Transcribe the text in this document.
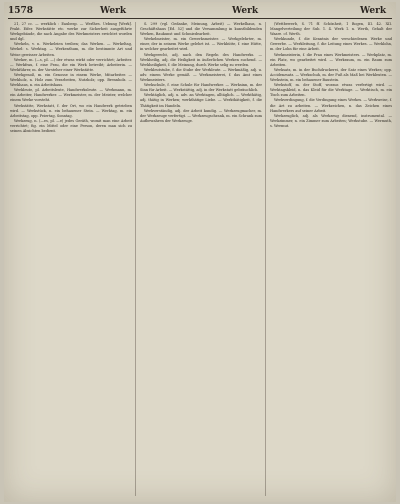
1578	Werk	Werk	Werk

21, 27 cc. — werklich : Eaubesp. — Werlhes. Uebung [Werk]. Prakt. Eifer. Werkstätte etc. werke zur Sicherheit ausgeführte Werkgebäude, die nach Angabe des Werkmeisters errichtet worden und dgl.

Werkeln, v. n. Werkeleien treiben; das Werken. — Werkeltag, Werkel: s. Werktag. — Werkenthum, m. die bestimmte Art und Weise gewisser Arbeiten.

Werker, m. (—s, pl. —) der etwas wirkt oder verrichtet; Arbeiter. — Werkfrau, f. eine Frau, die ein Werk betreibt; Arbeiterin. — Werkführer, m. der Vorsteher einer Werkstätte.

Werkgenoß, m. ein Genosse in einem Werke, Mitarbeiter. — Werkholz, n. Holz zum Verarbeiten, Nutzholz; opp. Brennholz. — Werkhaus, n. ein Arbeitshaus.

Werkleute, pl. Arbeitsleute, Handwerksleute. — Werkmann, m. ein Arbeiter, Handwerker. — Werkmeister, m. der Meister, welcher einem Werke vorsteht.

Werkstätte, Werkstatt, f. der Ort, wo ein Handwerk getrieben wird. — Werkstück, n. ein behauener Stein. — Werktag, m. ein Arbeitstag, opp. Feiertag, Sonntag.

Werkzeug, n. (—es, pl. —e) jedes Geräth, womit man eine Arbeit verrichtet; fig. ein Mittel oder eine Person, deren man sich zu seinen Absichten bedient.

S. 299 (vgl. Gedanke, Meinung, Arbeit) — Werkelhaus, n. Geschäftshaus [Ed. 52] und die Versammlung in kunstbildenden Werken, Baukunst und Schmiedearbeit.

Werkelmeister, m. ein Gewerksmeister. — Werkgelehrter, m. einer, der in seinem Werke gelehrt ist. — Werkhütte, f. eine Hütte, in welcher gearbeitet wird.

Werkgerecht, adj. nach den Regeln des Handwerks. — Werkheilig, adj. die Heiligkeit in äußerlichen Werken suchend. — Werkheiligkeit, f. die Meinung, durch Werke selig zu werden.

Werkleutstube, f. die Stube der Werkleute. — Werkmäßig, adj. u. adv. einem Werke gemäß. — Werkmeisterei, f. das Amt eines Werkmeisters.

Werkschule, f. eine Schule für Handwerker. — Werksinn, m. der Sinn für Arbeit. — Werkstättig, adj. in der Werkstatt gebräuchlich.

Werktäglich, adj. u. adv. an Werktagen, alltäglich. — Werkthätig, adj. thätig in Werken; werkthätige Liebe. — Werkthätigkeit, f. die Thätigkeit im Handeln.

Werkverständig, adj. der Arbeit kundig. — Werkzeugmacher, m. der Werkzeuge verfertigt. — Werkzeugschrank, m. ein Schrank zum Aufbewahren der Werkzeuge.

(Wettbewerb, S. 71 ff. Schönheit, 1 Bogen, III. 42. XII. Mangelverteilung der Sub. 1. 4. Werk 1. n. Werth, Gehalt der Waare. cf. Werth.

Werkkunde, f. die Kenntnis der verschiedenen Werke und Gewerbe. — Werkleitung, f. die Leitung eines Werkes. — Werklohn, m. der Lohn für eine Arbeit.

Werkmeisterin, f. die Frau eines Werkmeisters. — Werkplatz, m. ein Platz, wo gearbeitet wird. — Werkraum, m. ein Raum zum Arbeiten.

Werksatz, m. in der Buchdruckerei, der Satz eines Werkes; opp. Accidenzsatz. — Werkschuh, m. der Fuß als Maß bei Werkleuten. — Werkstein, m. ein behauener Baustein.

Werkstoff, m. der Stoff, woraus etwas verfertigt wird. — Werktagskleid, n. das Kleid für die Werktage. — Werktisch, m. ein Tisch zum Arbeiten.

Werkverdingung, f. die Verdingung eines Werkes. — Werkweise, f. die Art zu arbeiten. — Werkzeichen, n. das Zeichen eines Handwerkers auf seiner Arbeit.

Werkzeuglich, adj. als Werkzeug dienend, instrumental. — Werkzimmer, n. ein Zimmer zum Arbeiten; Werkstube. — Wermuth, s. Wermut.
